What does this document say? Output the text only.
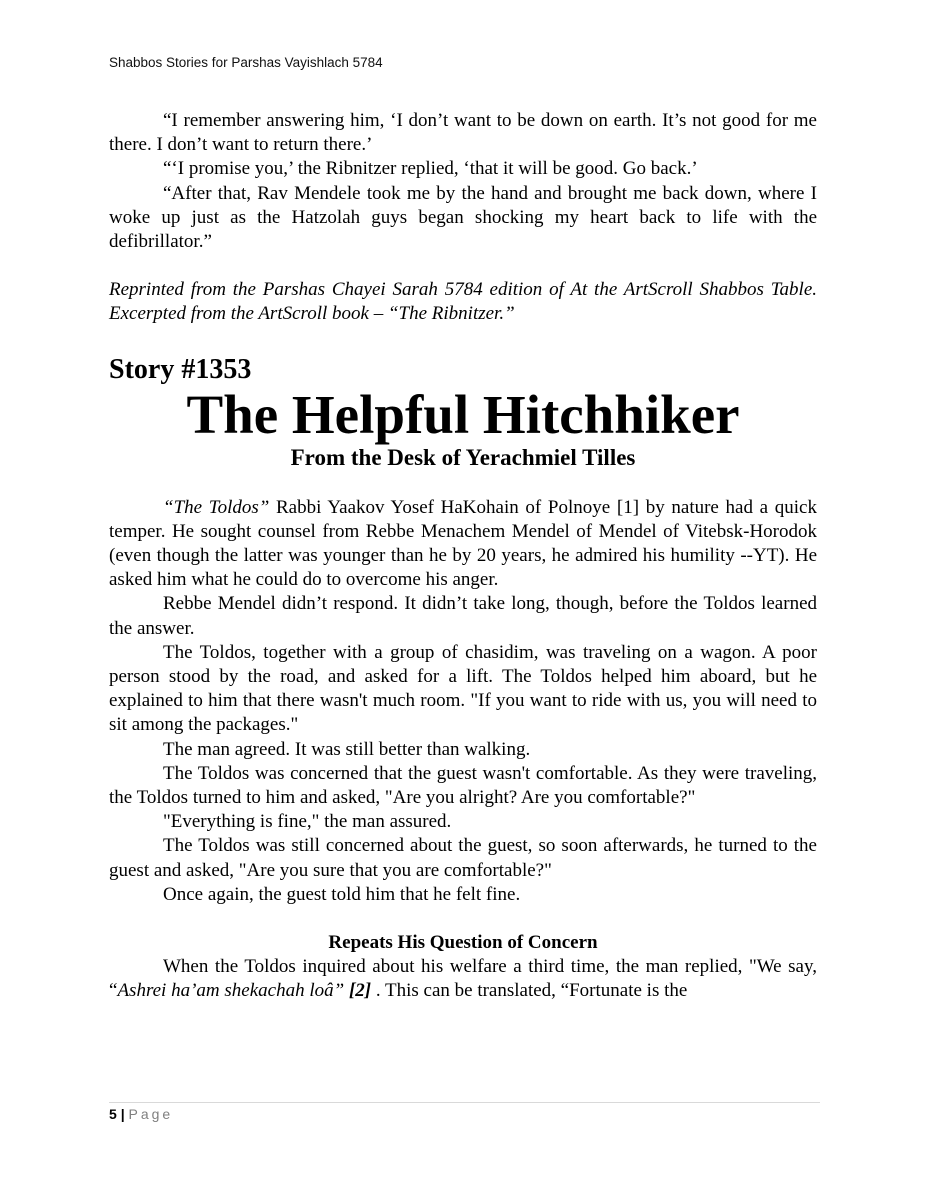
Shabbos Stories for Parshas Vayishlach 5784

“I remember answering him, ‘I don’t want to be down on earth. It’s not good for me there. I don’t want to return there.’

“‘I promise you,’ the Ribnitzer replied, ‘that it will be good. Go back.’

“After that, Rav Mendele took me by the hand and brought me back down, where I woke up just as the Hatzolah guys began shocking my heart back to life with the defibrillator.”

Reprinted from the Parshas Chayei Sarah 5784 edition of At the ArtScroll Shabbos Table. Excerpted from the ArtScroll book – “The Ribnitzer.”

Story #1353
The Helpful Hitchhiker
From the Desk of Yerachmiel Tilles

“The Toldos” Rabbi Yaakov Yosef HaKohain of Polnoye [1] by nature had a quick temper. He sought counsel from Rebbe Menachem Mendel of Mendel of Vitebsk-Horodok (even though the latter was younger than he by 20 years, he admired his humility --YT). He asked him what he could do to overcome his anger.

Rebbe Mendel didn’t respond. It didn’t take long, though, before the Toldos learned the answer.

The Toldos, together with a group of chasidim, was traveling on a wagon. A poor person stood by the road, and asked for a lift. The Toldos helped him aboard, but he explained to him that there wasn't much room. "If you want to ride with us, you will need to sit among the packages."

The man agreed. It was still better than walking.

The Toldos was concerned that the guest wasn't comfortable. As they were traveling, the Toldos turned to him and asked, "Are you alright? Are you comfortable?"

"Everything is fine," the man assured.

The Toldos was still concerned about the guest, so soon afterwards, he turned to the guest and asked, "Are you sure that you are comfortable?"

Once again, the guest told him that he felt fine.

Repeats His Question of Concern

When the Toldos inquired about his welfare a third time, the man replied, "We say, “Ashrei ha’am shekachah loâ” [2] . This can be translated, “Fortunate is the

5 | Page
